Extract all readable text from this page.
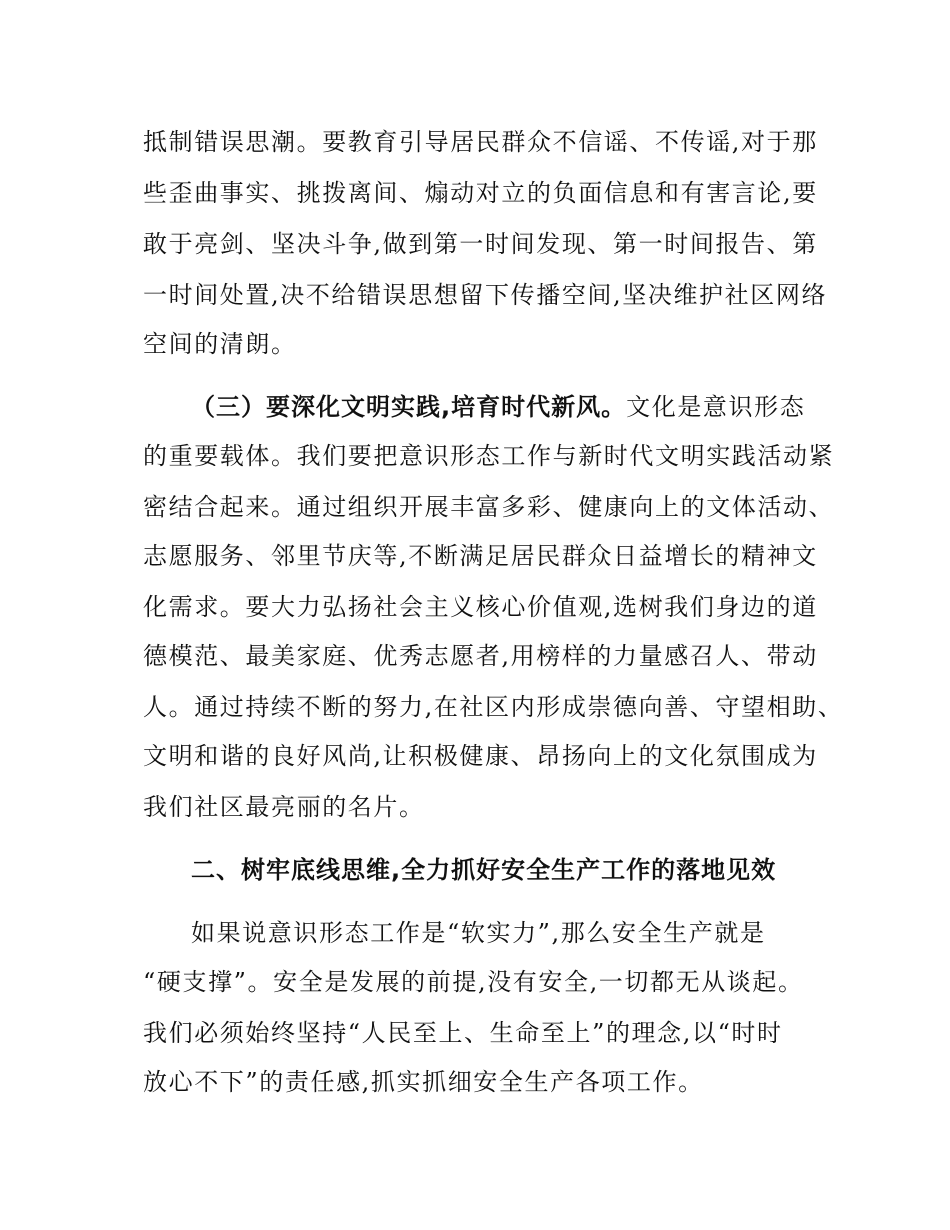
抵制错误思潮。要教育引导居民群众不信谣、不传谣,对于那
些歪曲事实、挑拨离间、煽动对立的负面信息和有害言论,要
敢于亮剑、坚决斗争,做到第一时间发现、第一时间报告、第
一时间处置,决不给错误思想留下传播空间,坚决维护社区网络
空间的清朗。
（三）要深化文明实践,培育时代新风。文化是意识形态
的重要载体。我们要把意识形态工作与新时代文明实践活动紧
密结合起来。通过组织开展丰富多彩、健康向上的文体活动、
志愿服务、邻里节庆等,不断满足居民群众日益增长的精神文
化需求。要大力弘扬社会主义核心价值观,选树我们身边的道
德模范、最美家庭、优秀志愿者,用榜样的力量感召人、带动
人。通过持续不断的努力,在社区内形成崇德向善、守望相助、
文明和谐的良好风尚,让积极健康、昂扬向上的文化氛围成为
我们社区最亮丽的名片。
二、树牢底线思维,全力抓好安全生产工作的落地见效
如果说意识形态工作是“软实力”,那么安全生产就是
“硬支撑”。安全是发展的前提,没有安全,一切都无从谈起。
我们必须始终坚持“人民至上、生命至上”的理念,以“时时
放心不下”的责任感,抓实抓细安全生产各项工作。
